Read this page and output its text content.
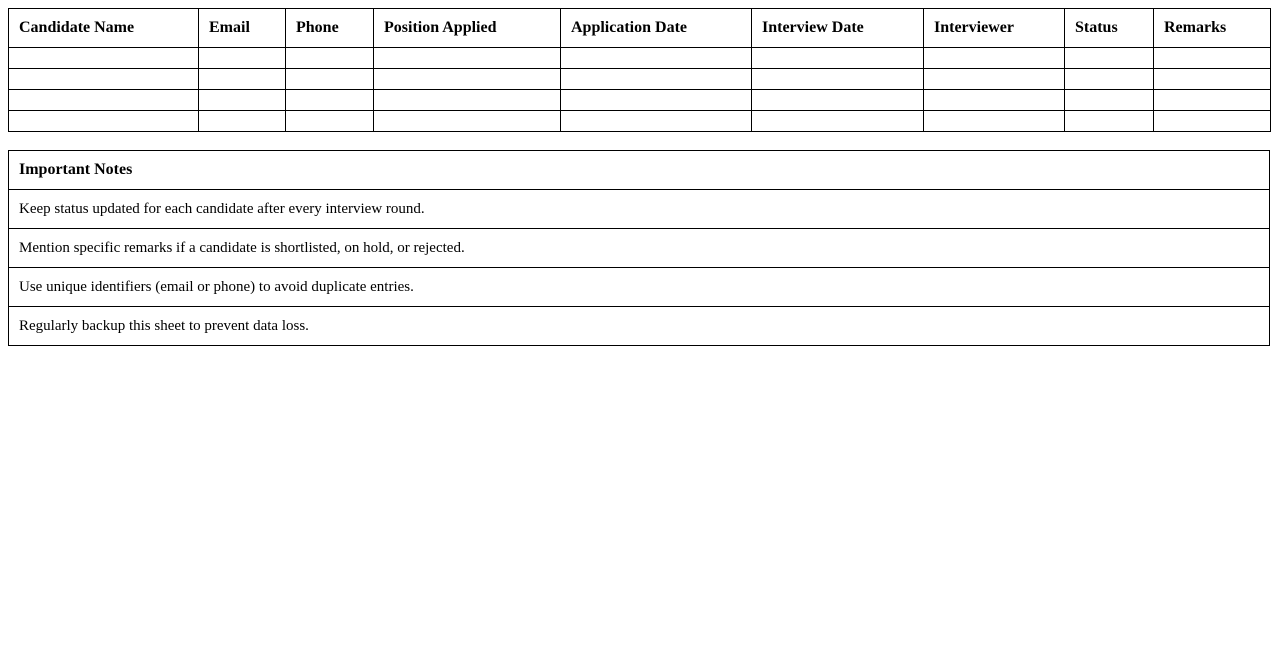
Candidate Name	Email	Phone	Position Applied	Application Date	Interview Date	Interviewer	Status	Remarks

Important Notes
Keep status updated for each candidate after every interview round.
Mention specific remarks if a candidate is shortlisted, on hold, or rejected.
Use unique identifiers (email or phone) to avoid duplicate entries.
Regularly backup this sheet to prevent data loss.
